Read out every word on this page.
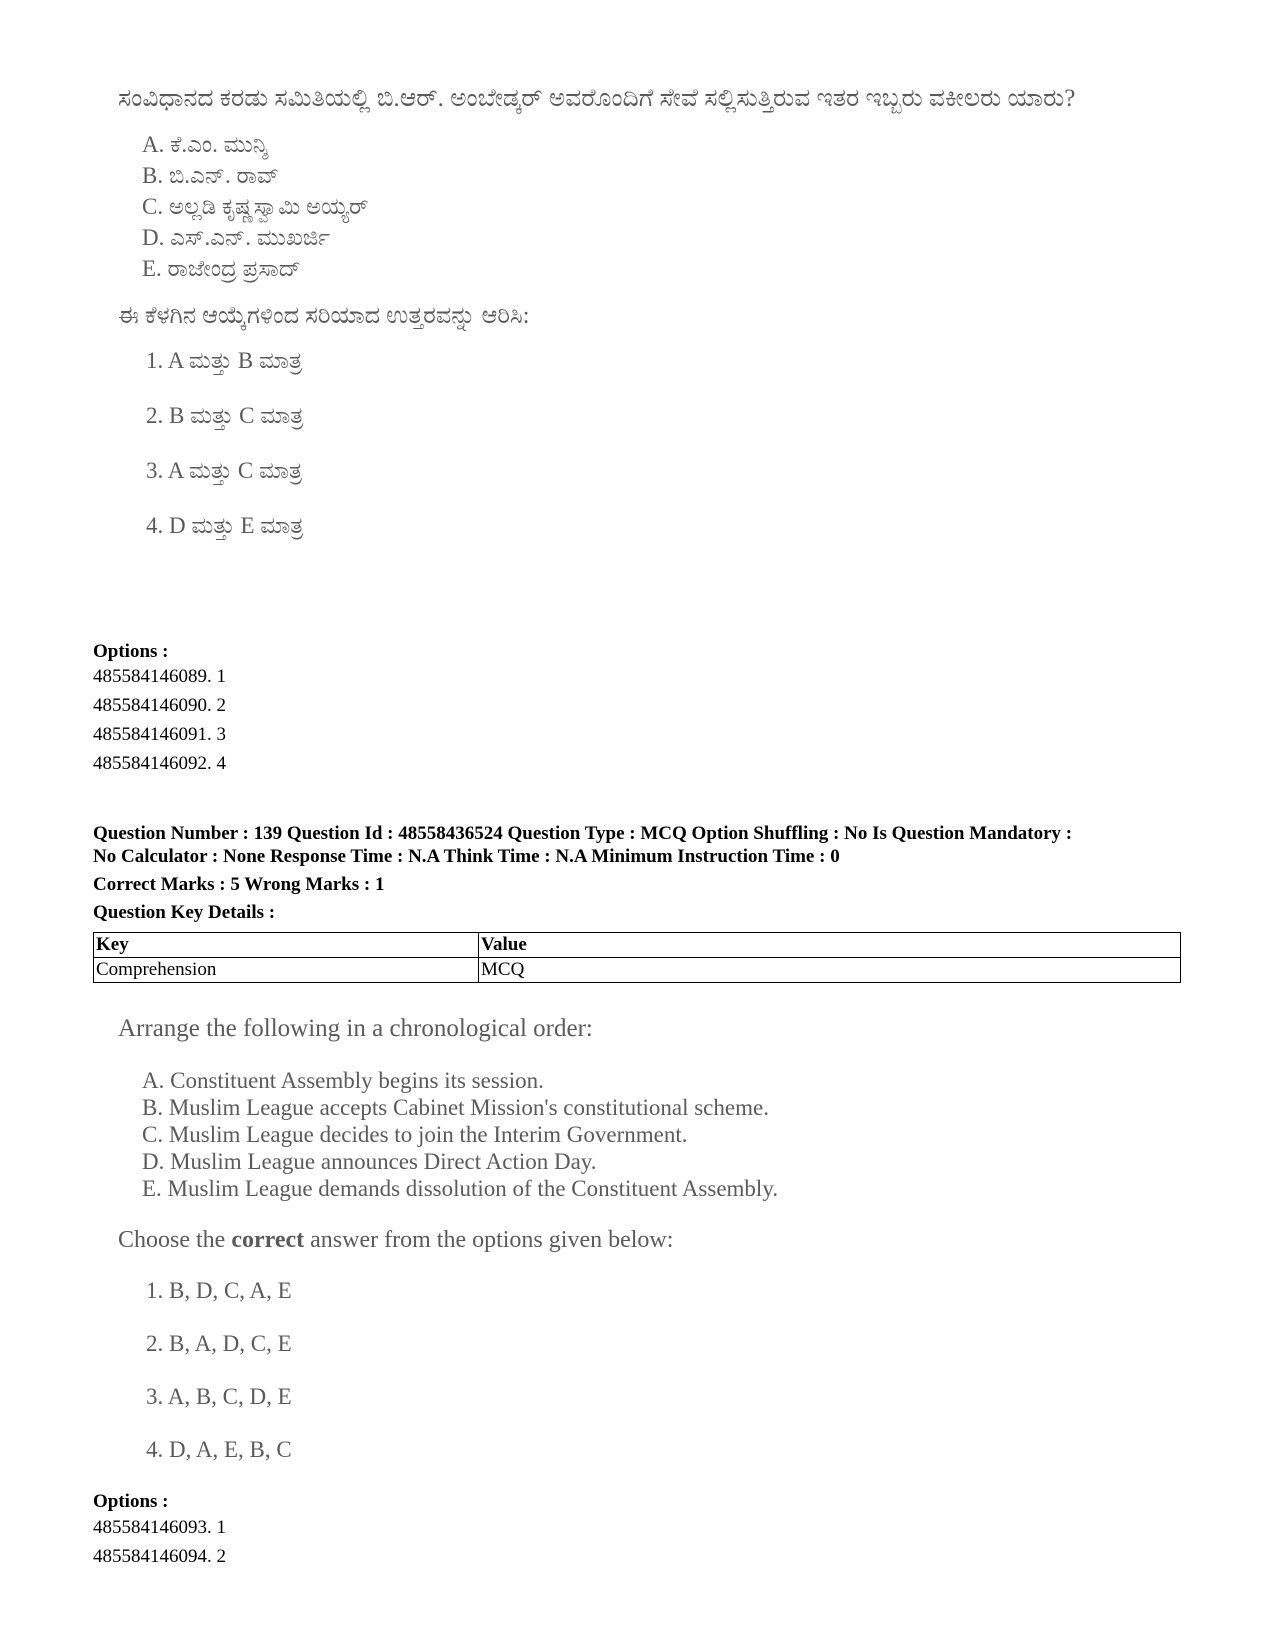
ಸಂವಿಧಾನದ ಕರಡು ಸಮಿತಿಯಲ್ಲಿ ಬಿ.ಆರ್. ಅಂಬೇಡ್ಕರ್ ಅವರೊಂದಿಗೆ ಸೇವೆ ಸಲ್ಲಿಸುತ್ತಿರುವ ಇತರ ಇಬ್ಬರು ವಕೀಲರು ಯಾರು?
A. ಕೆ.ಎಂ. ಮುನ್ಶಿ
B. ಬಿ.ಎನ್. ರಾವ್
C. ಅಲ್ಲಡಿ ಕೃಷ್ಣಸ್ವಾಮಿ ಅಯ್ಯರ್
D. ಎಸ್.ಎನ್. ಮುಖರ್ಜಿ
E. ರಾಜೇಂದ್ರ ಪ್ರಸಾದ್
ಈ ಕೆಳಗಿನ ಆಯ್ಕೆಗಳಿಂದ ಸರಿಯಾದ ಉತ್ತರವನ್ನು ಆರಿಸಿ:
1. A ಮತ್ತು B ಮಾತ್ರ
2. B ಮತ್ತು C ಮಾತ್ರ
3. A ಮತ್ತು C ಮಾತ್ರ
4. D ಮತ್ತು E ಮಾತ್ರ
Options :
485584146089. 1
485584146090. 2
485584146091. 3
485584146092. 4
Question Number : 139 Question Id : 48558436524 Question Type : MCQ Option Shuffling : No Is Question Mandatory :
No Calculator : None Response Time : N.A Think Time : N.A Minimum Instruction Time : 0
Correct Marks : 5 Wrong Marks : 1
Question Key Details :
Key	Value
Comprehension	MCQ
Arrange the following in a chronological order:
A. Constituent Assembly begins its session.
B. Muslim League accepts Cabinet Mission's constitutional scheme.
C. Muslim League decides to join the Interim Government.
D. Muslim League announces Direct Action Day.
E. Muslim League demands dissolution of the Constituent Assembly.
Choose the correct answer from the options given below:
1. B, D, C, A, E
2. B, A, D, C, E
3. A, B, C, D, E
4. D, A, E, B, C
Options :
485584146093. 1
485584146094. 2
